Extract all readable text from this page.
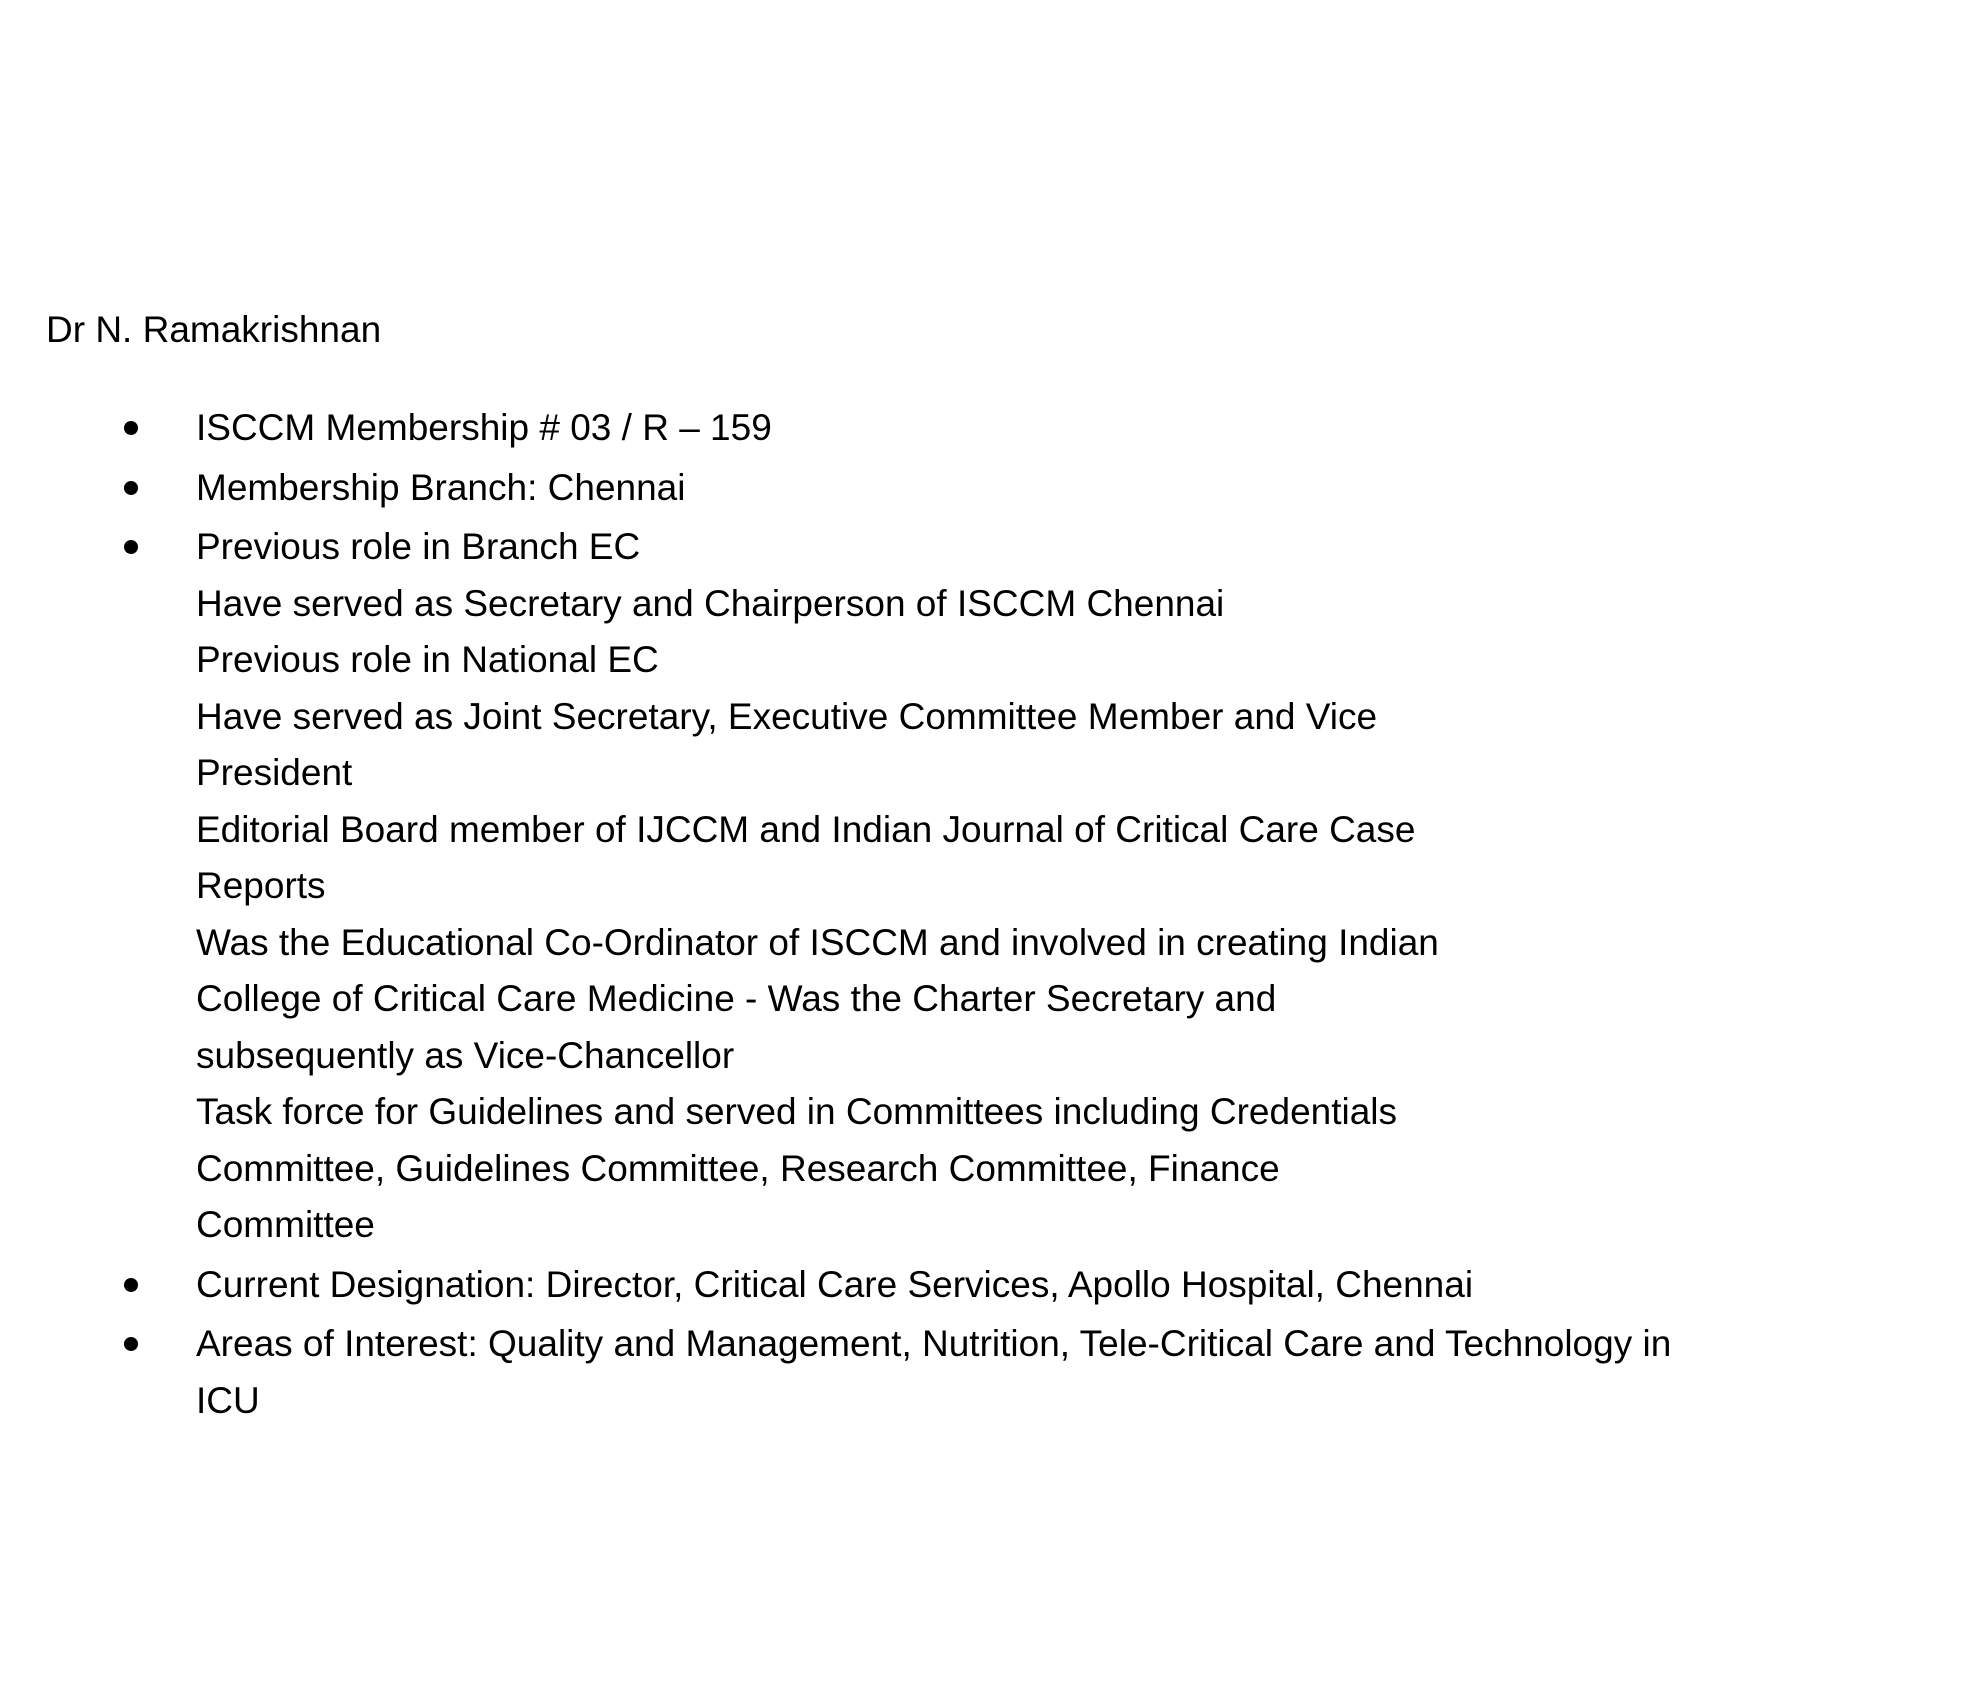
Dr N. Ramakrishnan
ISCCM Membership # 03 / R – 159
Membership Branch: Chennai
Previous role in Branch EC
Have served as Secretary and Chairperson of ISCCM Chennai
Previous role in National EC
Have served as Joint Secretary, Executive Committee Member and Vice
President
Editorial Board member of IJCCM and Indian Journal of Critical Care Case
Reports
Was the Educational Co-Ordinator of ISCCM and involved in creating Indian
College of Critical Care Medicine - Was the Charter Secretary and
subsequently as Vice-Chancellor
Task force for Guidelines and served in Committees including Credentials
Committee, Guidelines Committee, Research Committee, Finance
Committee
Current Designation: Director, Critical Care Services, Apollo Hospital, Chennai
Areas of Interest: Quality and Management, Nutrition, Tele-Critical Care and Technology in
ICU
